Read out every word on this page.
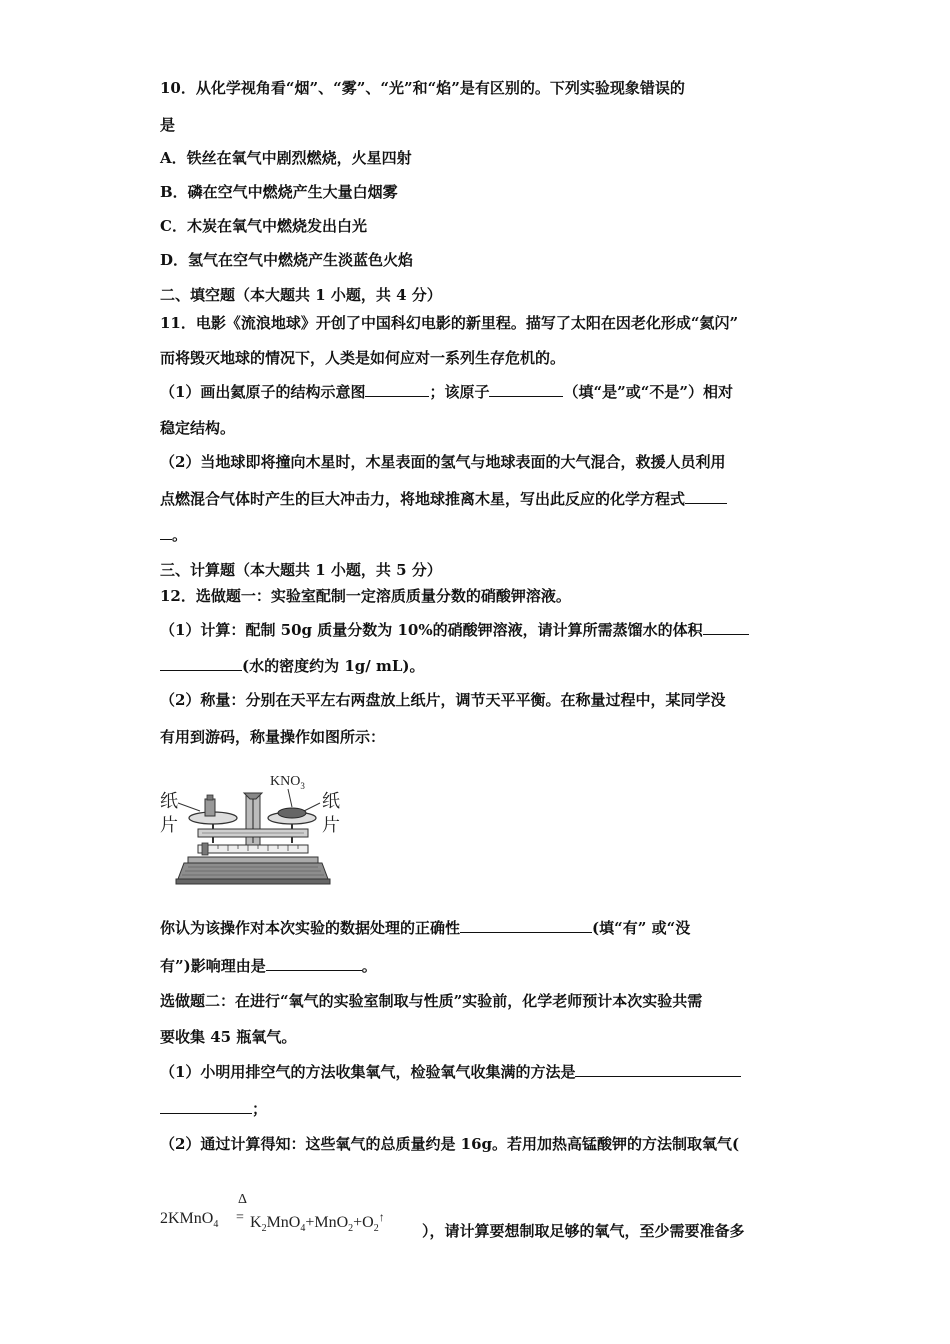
10．从化学视角看“烟”、“雾”、“光”和“焰”是有区别的。下列实验现象错误的
是
A．铁丝在氧气中剧烈燃烧，火星四射
B．磷在空气中燃烧产生大量白烟雾
C．木炭在氧气中燃烧发出白光
D．氢气在空气中燃烧产生淡蓝色火焰
二、填空题（本大题共 1 小题，共 4 分）
11．电影《流浪地球》开创了中国科幻电影的新里程。描写了太阳在因老化形成“氦闪”
而将毁灭地球的情况下，人类是如何应对一系列生存危机的。
（1）画出氦原子的结构示意图	；该原子	（填“是”或“不是”）相对
稳定结构。
（2）当地球即将撞向木星时，木星表面的氢气与地球表面的大气混合，救援人员利用
点燃混合气体时产生的巨大冲击力，将地球推离木星，写出此反应的化学方程式
。
三、计算题（本大题共 1 小题，共 5 分）
12．选做题一：实验室配制一定溶质质量分数的硝酸钾溶液。
（1）计算：配制 50g 质量分数为 10%的硝酸钾溶液，请计算所需蒸馏水的体积
(水的密度约为 1g/ mL)。
（2）称量：分别在天平左右两盘放上纸片，调节天平平衡。在称量过程中，某同学没
有用到游码，称量操作如图所示：
$KNO_3$
纸
片
纸
片
你认为该操作对本次实验的数据处理的正确性	(填“有” 或“没
有”)影响理由是	。
选做题二：在进行“氧气的实验室制取与性质”实验前，化学老师预计本次实验共需
要收集 45 瓶氧气。
（1）小明用排空气的方法收集氧气，检验氧气收集满的方法是
；
（2）通过计算得知：这些氧气的总质量约是 16g。若用加热高锰酸钾的方法制取氧气(
2KMnO$_4$
Δ
= $K_2MnO_4+MnO_2+O_2^↑$
），请计算要想制取足够的氧气，至少需要准备多
